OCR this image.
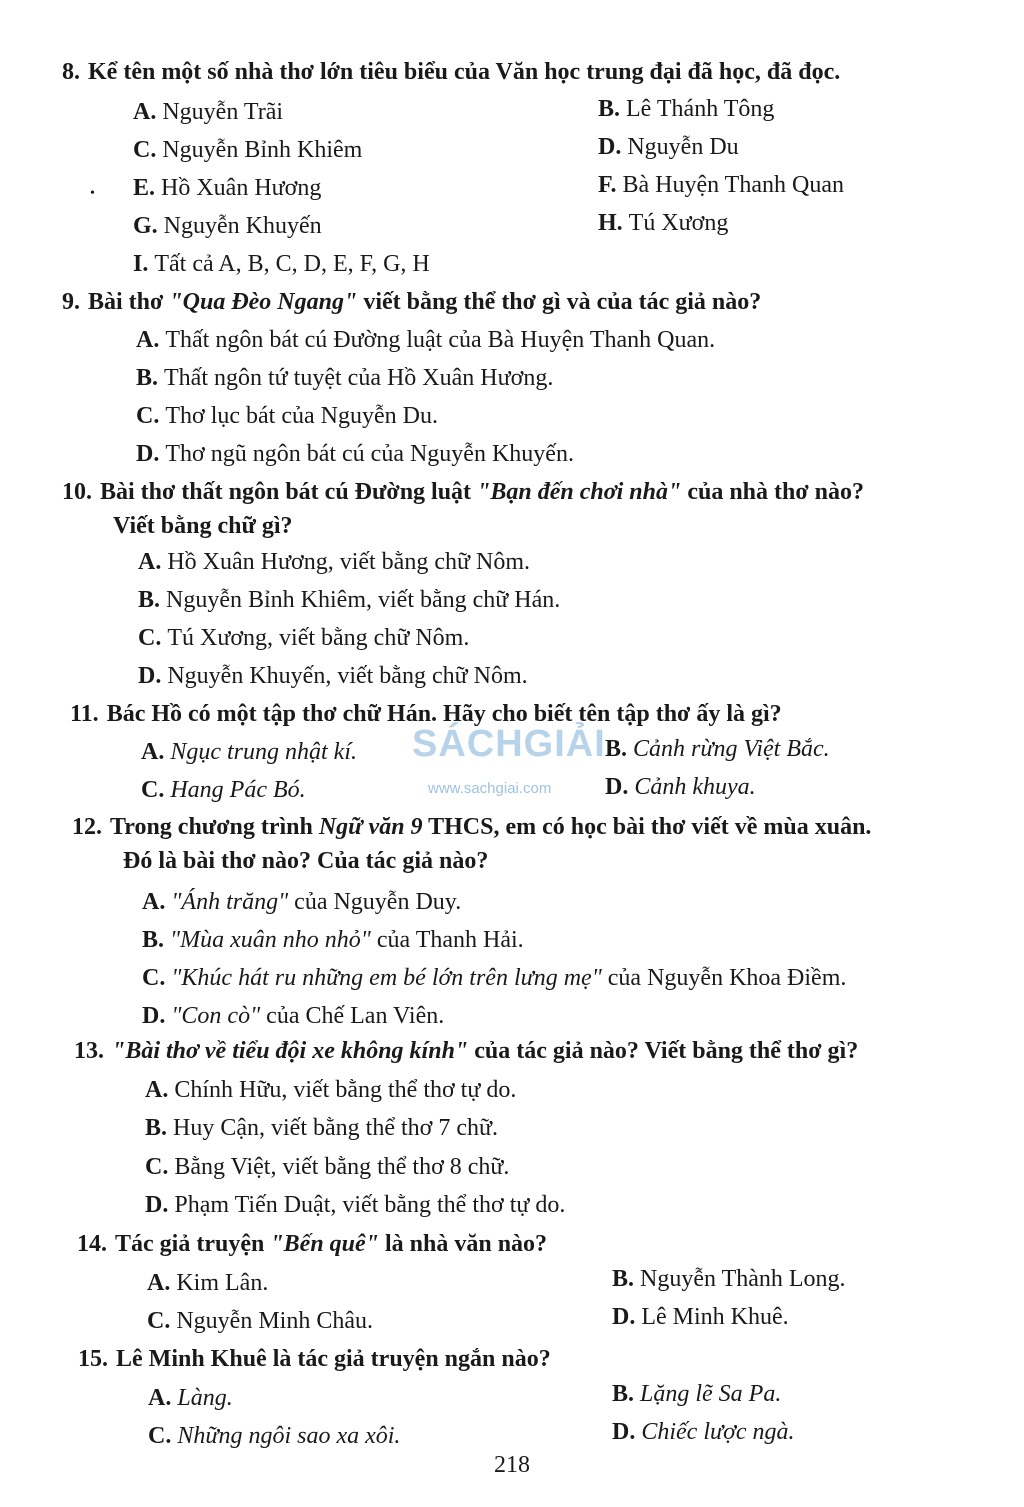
8. Kể tên một số nhà thơ lớn tiêu biểu của Văn học trung đại đã học, đã đọc.
A. Nguyễn Trãi	B. Lê Thánh Tông
C. Nguyễn Bỉnh Khiêm	D. Nguyễn Du
• E. Hồ Xuân Hương	F. Bà Huyện Thanh Quan
G. Nguyễn Khuyến	H. Tú Xương
I. Tất cả A, B, C, D, E, F, G, H
9. Bài thơ "Qua Đèo Ngang" viết bằng thể thơ gì và của tác giả nào?
A. Thất ngôn bát cú Đường luật của Bà Huyện Thanh Quan.
B. Thất ngôn tứ tuyệt của Hồ Xuân Hương.
C. Thơ lục bát của Nguyễn Du.
D. Thơ ngũ ngôn bát cú của Nguyễn Khuyến.
10. Bài thơ thất ngôn bát cú Đường luật "Bạn đến chơi nhà" của nhà thơ nào?
Viết bằng chữ gì?
A. Hồ Xuân Hương, viết bằng chữ Nôm.
B. Nguyễn Bỉnh Khiêm, viết bằng chữ Hán.
C. Tú Xương, viết bằng chữ Nôm.
D. Nguyễn Khuyến, viết bằng chữ Nôm.
11. Bác Hồ có một tập thơ chữ Hán. Hãy cho biết tên tập thơ ấy là gì?
A. Ngục trung nhật kí.	B. Cảnh rừng Việt Bắc.
C. Hang Pác Bó.	D. Cảnh khuya.
SÁCHGIẢI
www.sachgiai.com
12. Trong chương trình Ngữ văn 9 THCS, em có học bài thơ viết về mùa xuân.
Đó là bài thơ nào? Của tác giả nào?
A. "Ánh trăng" của Nguyễn Duy.
B. "Mùa xuân nho nhỏ" của Thanh Hải.
C. "Khúc hát ru những em bé lớn trên lưng mẹ" của Nguyễn Khoa Điềm.
D. "Con cò" của Chế Lan Viên.
13. "Bài thơ về tiểu đội xe không kính" của tác giả nào? Viết bằng thể thơ gì?
A. Chính Hữu, viết bằng thể thơ tự do.
B. Huy Cận, viết bằng thể thơ 7 chữ.
C. Bằng Việt, viết bằng thể thơ 8 chữ.
D. Phạm Tiến Duật, viết bằng thể thơ tự do.
14. Tác giả truyện "Bến quê" là nhà văn nào?
A. Kim Lân.	B. Nguyễn Thành Long.
C. Nguyễn Minh Châu.	D. Lê Minh Khuê.
15. Lê Minh Khuê là tác giả truyện ngắn nào?
A. Làng.	B. Lặng lẽ Sa Pa.
C. Những ngôi sao xa xôi.	D. Chiếc lược ngà.
218
